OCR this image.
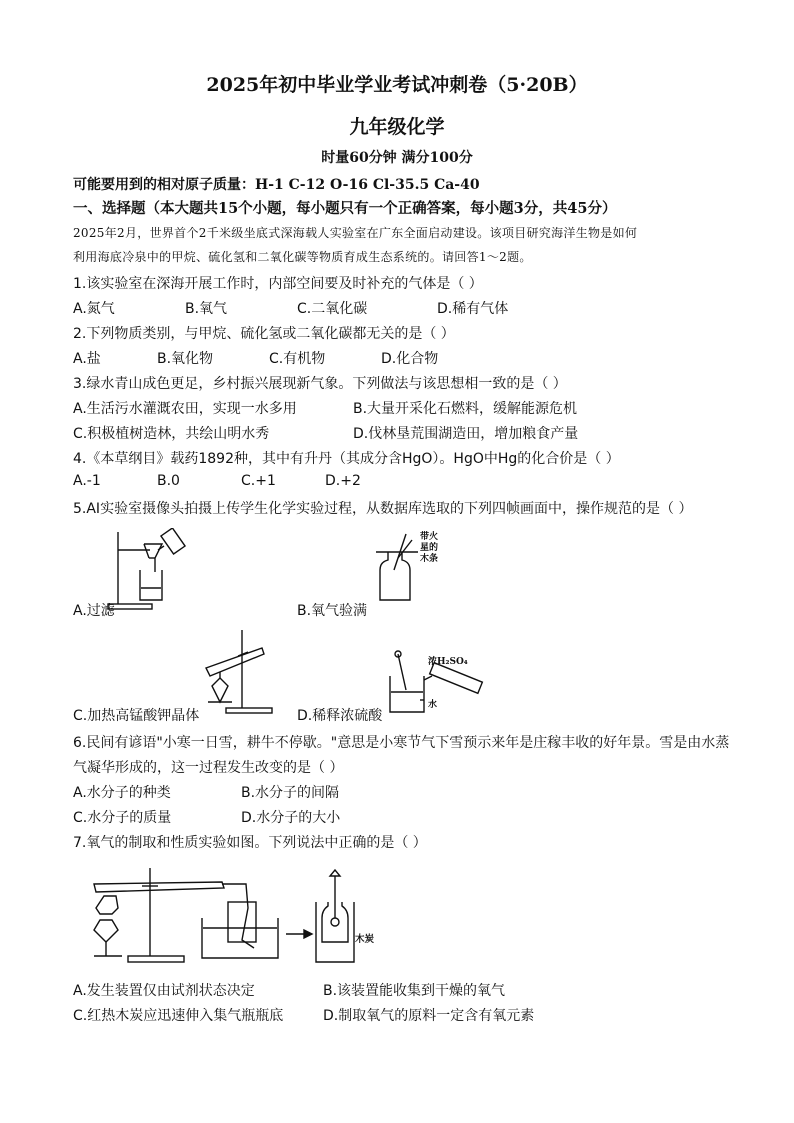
2025年初中毕业学业考试冲刺卷（5·20B）
九年级化学
时量60分钟 满分100分
可能要用到的相对原子质量：H-1 C-12 O-16 Cl-35.5 Ca-40
一、选择题（本大题共15个小题，每小题只有一个正确答案，每小题3分，共45分）
2025年2月，世界首个2千米级坐底式深海载人实验室在广东全面启动建设。该项目研究海洋生物是如何
利用海底冷泉中的甲烷、硫化氢和二氧化碳等物质育成生态系统的。请回答1～2题。
1.该实验室在深海开展工作时，内部空间要及时补充的气体是（ ）
A.氮气	B.氧气	C.二氧化碳	D.稀有气体
2.下列物质类别，与甲烷、硫化氢或二氧化碳都无关的是（ ）
A.盐	B.氧化物	C.有机物	D.化合物
3.绿水青山成色更足，乡村振兴展现新气象。下列做法与该思想相一致的是（ ）
A.生活污水灌溉农田，实现一水多用	B.大量开采化石燃料，缓解能源危机
C.积极植树造林，共绘山明水秀	D.伐林垦荒围湖造田，增加粮食产量
4.《本草纲目》载药1892种，其中有升丹（其成分含HgO）。HgO中Hg的化合价是（ ）
A.-1	B.0	C.+1	D.+2
5.AI实验室摄像头拍摄上传学生化学实验过程，从数据库选取的下列四帧画面中，操作规范的是（ ）
A.过滤
带火
星的
木条
B.氧气验满
C.加热高锰酸钾晶体
浓H₂SO₄
水
D.稀释浓硫酸
6.民间有谚语"小寒一日雪，耕牛不停歇。"意思是小寒节气下雪预示来年是庄稼丰收的好年景。雪是由水蒸
气凝华形成的，这一过程发生改变的是（ ）
A.水分子的种类	B.水分子的间隔
C.水分子的质量	D.水分子的大小
7.氧气的制取和性质实验如图。下列说法中正确的是（ ）
木炭
A.发生装置仅由试剂状态决定	B.该装置能收集到干燥的氧气
C.红热木炭应迅速伸入集气瓶瓶底	D.制取氧气的原料一定含有氧元素
